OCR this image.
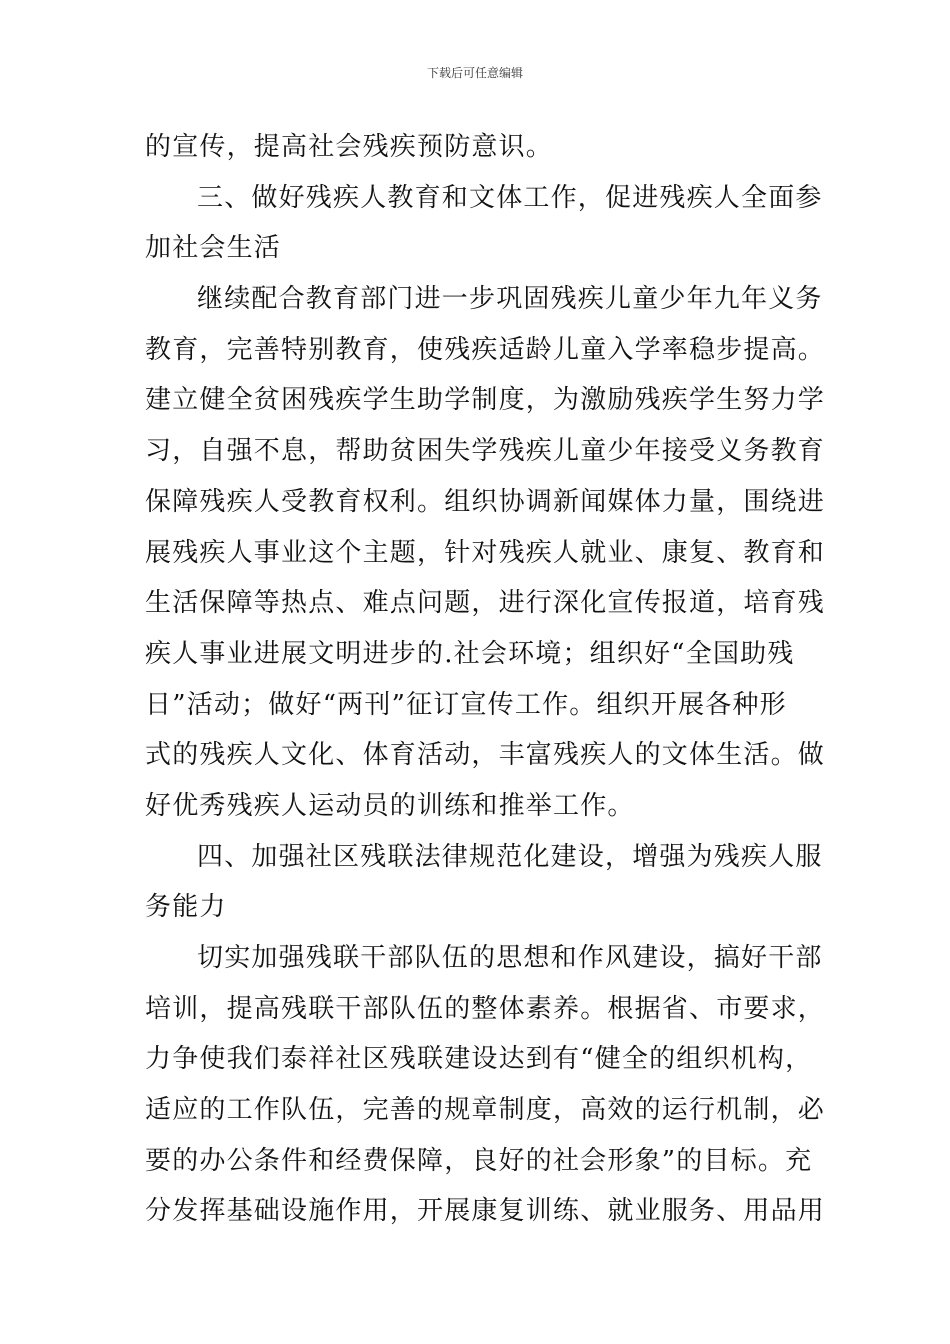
下载后可任意编辑
的宣传，提高社会残疾预防意识。
三、做好残疾人教育和文体工作，促进残疾人全面参
加社会生活
继续配合教育部门进一步巩固残疾儿童少年九年义务
教育，完善特别教育，使残疾适龄儿童入学率稳步提高。
建立健全贫困残疾学生助学制度，为激励残疾学生努力学
习，自强不息，帮助贫困失学残疾儿童少年接受义务教育
保障残疾人受教育权利。组织协调新闻媒体力量，围绕进
展残疾人事业这个主题，针对残疾人就业、康复、教育和
生活保障等热点、难点问题，进行深化宣传报道，培育残
疾人事业进展文明进步的.社会环境；组织好“全国助残
日”活动；做好“两刊”征订宣传工作。组织开展各种形
式的残疾人文化、体育活动，丰富残疾人的文体生活。做
好优秀残疾人运动员的训练和推举工作。
四、加强社区残联法律规范化建设，增强为残疾人服
务能力
切实加强残联干部队伍的思想和作风建设，搞好干部
培训，提高残联干部队伍的整体素养。根据省、市要求，
力争使我们泰祥社区残联建设达到有“健全的组织机构，
适应的工作队伍，完善的规章制度，高效的运行机制，必
要的办公条件和经费保障，良好的社会形象”的目标。充
分发挥基础设施作用，开展康复训练、就业服务、用品用
